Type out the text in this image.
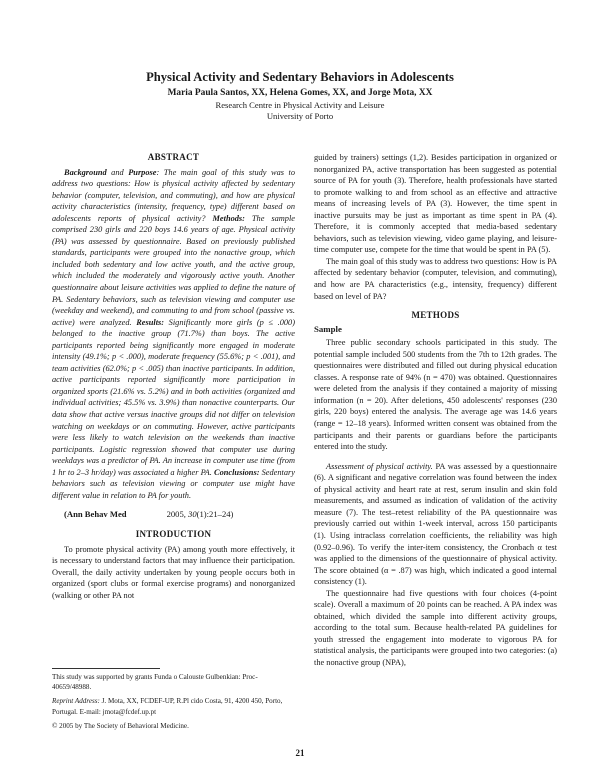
Physical Activity and Sedentary Behaviors in Adolescents
Maria Paula Santos, XX, Helena Gomes, XX, and Jorge Mota, XX
Research Centre in Physical Activity and Leisure
University of Porto
ABSTRACT

Background and Purpose: The main goal of this study was to address two questions: How is physical activity affected by sedentary behavior (computer, television, and commuting), and how are physical activity characteristics (intensity, frequency, type) different based on adolescents reports of physical activity? Methods: The sample comprised 230 girls and 220 boys 14.6 years of age. Physical activity (PA) was assessed by questionnaire. Based on previously published standards, participants were grouped into the nonactive group, which included both sedentary and low active youth, and the active group, which included the moderately and vigorously active youth. Another questionnaire about leisure activities was applied to define the nature of PA. Sedentary behaviors, such as television viewing and computer use (weekday and weekend), and commuting to and from school (passive vs. active) were analyzed. Results: Significantly more girls (p ≤ .000) belonged to the inactive group (71.7%) than boys. The active participants reported being significantly more engaged in moderate intensity (49.1%; p < .000), moderate frequency (55.6%; p < .001), and team activities (62.0%; p < .005) than inactive participants. In addition, active participants reported significantly more participation in organized sports (21.6% vs. 5.2%) and in both activities (organized and individual activities; 45.5% vs. 3.9%) than nonactive counterparts. Our data show that active versus inactive groups did not differ on television watching on weekdays or on commuting. However, active participants were less likely to watch television on the weekends than inactive participants. Logistic regression showed that computer use during weekdays was a predictor of PA. An increase in computer use time (from 1 hr to 2–3 hr/day) was associated a higher PA. Conclusions: Sedentary behaviors such as television viewing or computer use might have different value in relation to PA for youth.

(Ann Behav Med	2005, 30(1):21–24)
INTRODUCTION

To promote physical activity (PA) among youth more effectively, it is necessary to understand factors that may influence their participation. Overall, the daily activity undertaken by young people occurs both in organized (sport clubs or formal exercise programs) and nonorganized (walking or other PA not

This study was supported by grants Funda o Calouste Gulbenkian: Proc-40659/48988.

Reprint Address: J. Mota, XX, FCDEF-UP, R.Pl cido Costa, 91, 4200 450, Porto, Portugal. E-mail: jmota@fcdef.up.pt

© 2005 by The Society of Behavioral Medicine.

guided by trainers) settings (1,2). Besides participation in organized or nonorganized PA, active transportation has been suggested as potential source of PA for youth (3). Therefore, health professionals have started to promote walking to and from school as an effective and attractive means of increasing levels of PA (3). However, the time spent in inactive pursuits may be just as important as time spent in PA (4). Therefore, it is commonly accepted that media-based sedentary behaviors, such as television viewing, video game playing, and leisure-time computer use, compete for the time that would be spent in PA (5).

The main goal of this study was to address two questions: How is PA affected by sedentary behavior (computer, television, and commuting), and how are PA characteristics (e.g., intensity, frequency) different based on level of PA?

METHODS
Sample

Three public secondary schools participated in this study. The potential sample included 500 students from the 7th to 12th grades. The questionnaires were distributed and filled out during physical education classes. A response rate of 94% (n = 470) was obtained. Questionnaires were deleted from the analysis if they contained a majority of missing information (n = 20). After deletions, 450 adolescents' responses (230 girls, 220 boys) entered the analysis. The average age was 14.6 years (range = 12–18 years). Informed written consent was obtained from the participants and their parents or guardians before the participants entered into the study.

Assessment of physical activity. PA was assessed by a questionnaire (6). A significant and negative correlation was found between the index of physical activity and heart rate at rest, serum insulin and skin fold measurements, and assumed as indication of validation of the activity measure (7). The test–retest reliability of the PA questionnaire was previously carried out within 1-week interval, across 150 participants (1). Using intraclass correlation coefficients, the reliability was high (0.92–0.96). To verify the inter-item consistency, the Cronbach α test was applied to the dimensions of the questionnaire of physical activity. The score obtained (α = .87) was high, which indicated a good internal consistency (1).

The questionnaire had five questions with four choices (4-point scale). Overall a maximum of 20 points can be reached. A PA index was obtained, which divided the sample into different activity groups, according to the total sum. Because health-related PA guidelines for youth stressed the engagement into moderate to vigorous PA for statistical analysis, the participants were grouped into two categories: (a) the nonactive group (NPA),

21
